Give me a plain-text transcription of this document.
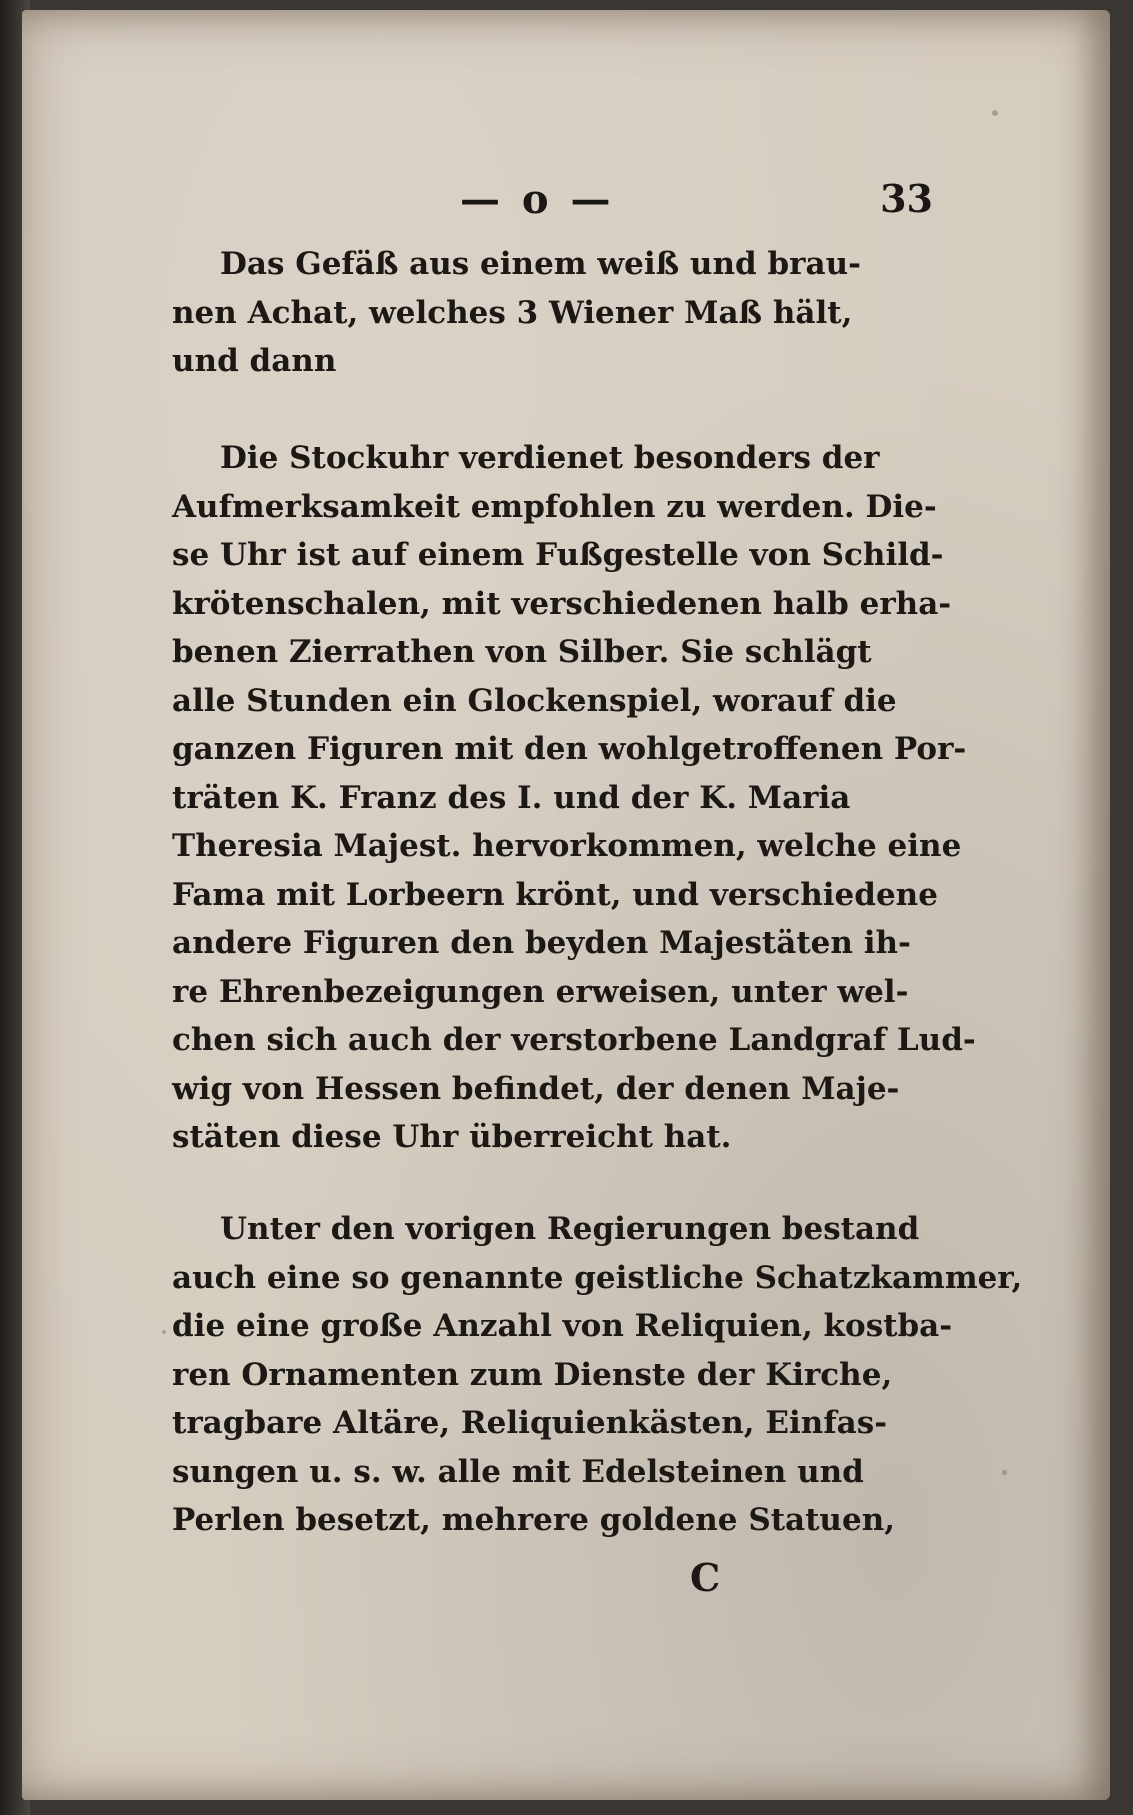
— o —	33
Das Gefäß aus einem weiß und brau-
nen Achat, welches 3 Wiener Maß hält,
und dann
Die Stockuhr verdienet besonders der
Aufmerksamkeit empfohlen zu werden. Die-
se Uhr ist auf einem Fußgestelle von Schild-
krötenschalen, mit verschiedenen halb erha-
benen Zierrathen von Silber. Sie schlägt
alle Stunden ein Glockenspiel, worauf die
ganzen Figuren mit den wohlgetroffenen Por-
träten K. Franz des I. und der K. Maria
Theresia Majest. hervorkommen, welche eine
Fama mit Lorbeern krönt, und verschiedene
andere Figuren den beyden Majestäten ih-
re Ehrenbezeigungen erweisen, unter wel-
chen sich auch der verstorbene Landgraf Lud-
wig von Hessen befindet, der denen Maje-
stäten diese Uhr überreicht hat.
Unter den vorigen Regierungen bestand
auch eine so genannte geistliche Schatzkammer,
die eine große Anzahl von Reliquien, kostba-
ren Ornamenten zum Dienste der Kirche,
tragbare Altäre, Reliquienkästen, Einfas-
sungen u. s. w. alle mit Edelsteinen und
Perlen besetzt, mehrere goldene Statuen,
C
